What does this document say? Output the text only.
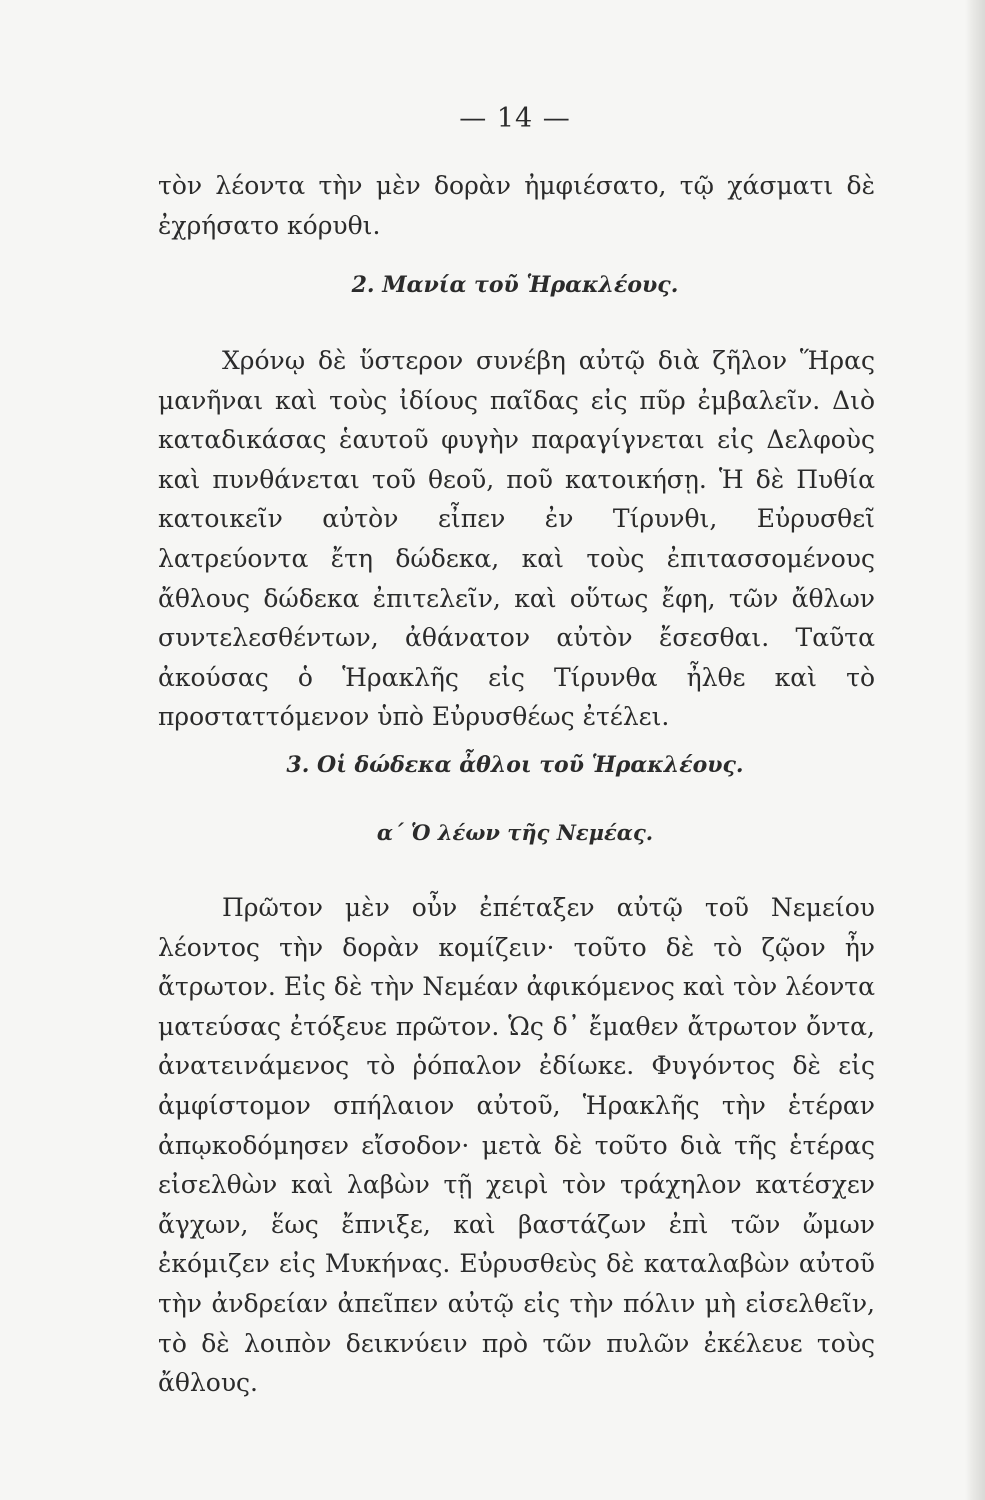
— 14 —

τὸν λέοντα τὴν μὲν δορὰν ἠμφιέσατο, τῷ χάσματι δὲ ἐχρήσατο κόρυθι.

2. Μανία τοῦ Ἡρακλέους.

Χρόνῳ δὲ ὕστερον συνέβη αὐτῷ διὰ ζῆλον Ἥρας μανῆναι καὶ τοὺς ἰδίους παῖδας εἰς πῦρ ἐμβαλεῖν. Διὸ καταδικάσας ἑαυτοῦ φυγὴν παραγίγνεται εἰς Δελφοὺς καὶ πυνθάνεται τοῦ θεοῦ, ποῦ κατοικήσῃ. Ἡ δὲ Πυθία κατοικεῖν αὐτὸν εἶπεν ἐν Τίρυνθι, Εὐρυσθεῖ λατρεύοντα ἔτη δώδεκα, καὶ τοὺς ἐπιτασσομένους ἄθλους δώδεκα ἐπιτελεῖν, καὶ οὕτως ἔφη, τῶν ἄθλων συντελεσθέντων, ἀθάνατον αὐτὸν ἔσεσθαι. Ταῦτα ἀκούσας ὁ Ἡρακλῆς εἰς Τίρυνθα ἦλθε καὶ τὸ προσταττόμενον ὑπὸ Εὐρυσθέως ἐτέλει.

3. Οἱ δώδεκα ἆθλοι τοῦ Ἡρακλέους.
α΄ Ὁ λέων τῆς Νεμέας.

Πρῶτον μὲν οὖν ἐπέταξεν αὐτῷ τοῦ Νεμείου λέοντος τὴν δορὰν κομίζειν· τοῦτο δὲ τὸ ζῷον ἦν ἄτρωτον. Εἰς δὲ τὴν Νεμέαν ἀφικόμενος καὶ τὸν λέοντα ματεύσας ἐτόξευε πρῶτον. Ὡς δ᾿ ἔμαθεν ἄτρωτον ὄντα, ἀνατεινάμενος τὸ ῥόπαλον ἐδίωκε. Φυγόντος δὲ εἰς ἀμφίστομον σπήλαιον αὐτοῦ, Ἡρακλῆς τὴν ἑτέραν ἀπῳκοδόμησεν εἴσοδον· μετὰ δὲ τοῦτο διὰ τῆς ἑτέρας εἰσελθὼν καὶ λαβὼν τῇ χειρὶ τὸν τράχηλον κατέσχεν ἄγχων, ἕως ἔπνιξε, καὶ βαστάζων ἐπὶ τῶν ὤμων ἐκόμιζεν εἰς Μυκήνας. Εὐρυσθεὺς δὲ καταλαβὼν αὐτοῦ τὴν ἀνδρείαν ἀπεῖπεν αὐτῷ εἰς τὴν πόλιν μὴ εἰσελθεῖν, τὸ δὲ λοιπὸν δεικνύειν πρὸ τῶν πυλῶν ἐκέλευε τοὺς ἄθλους.
